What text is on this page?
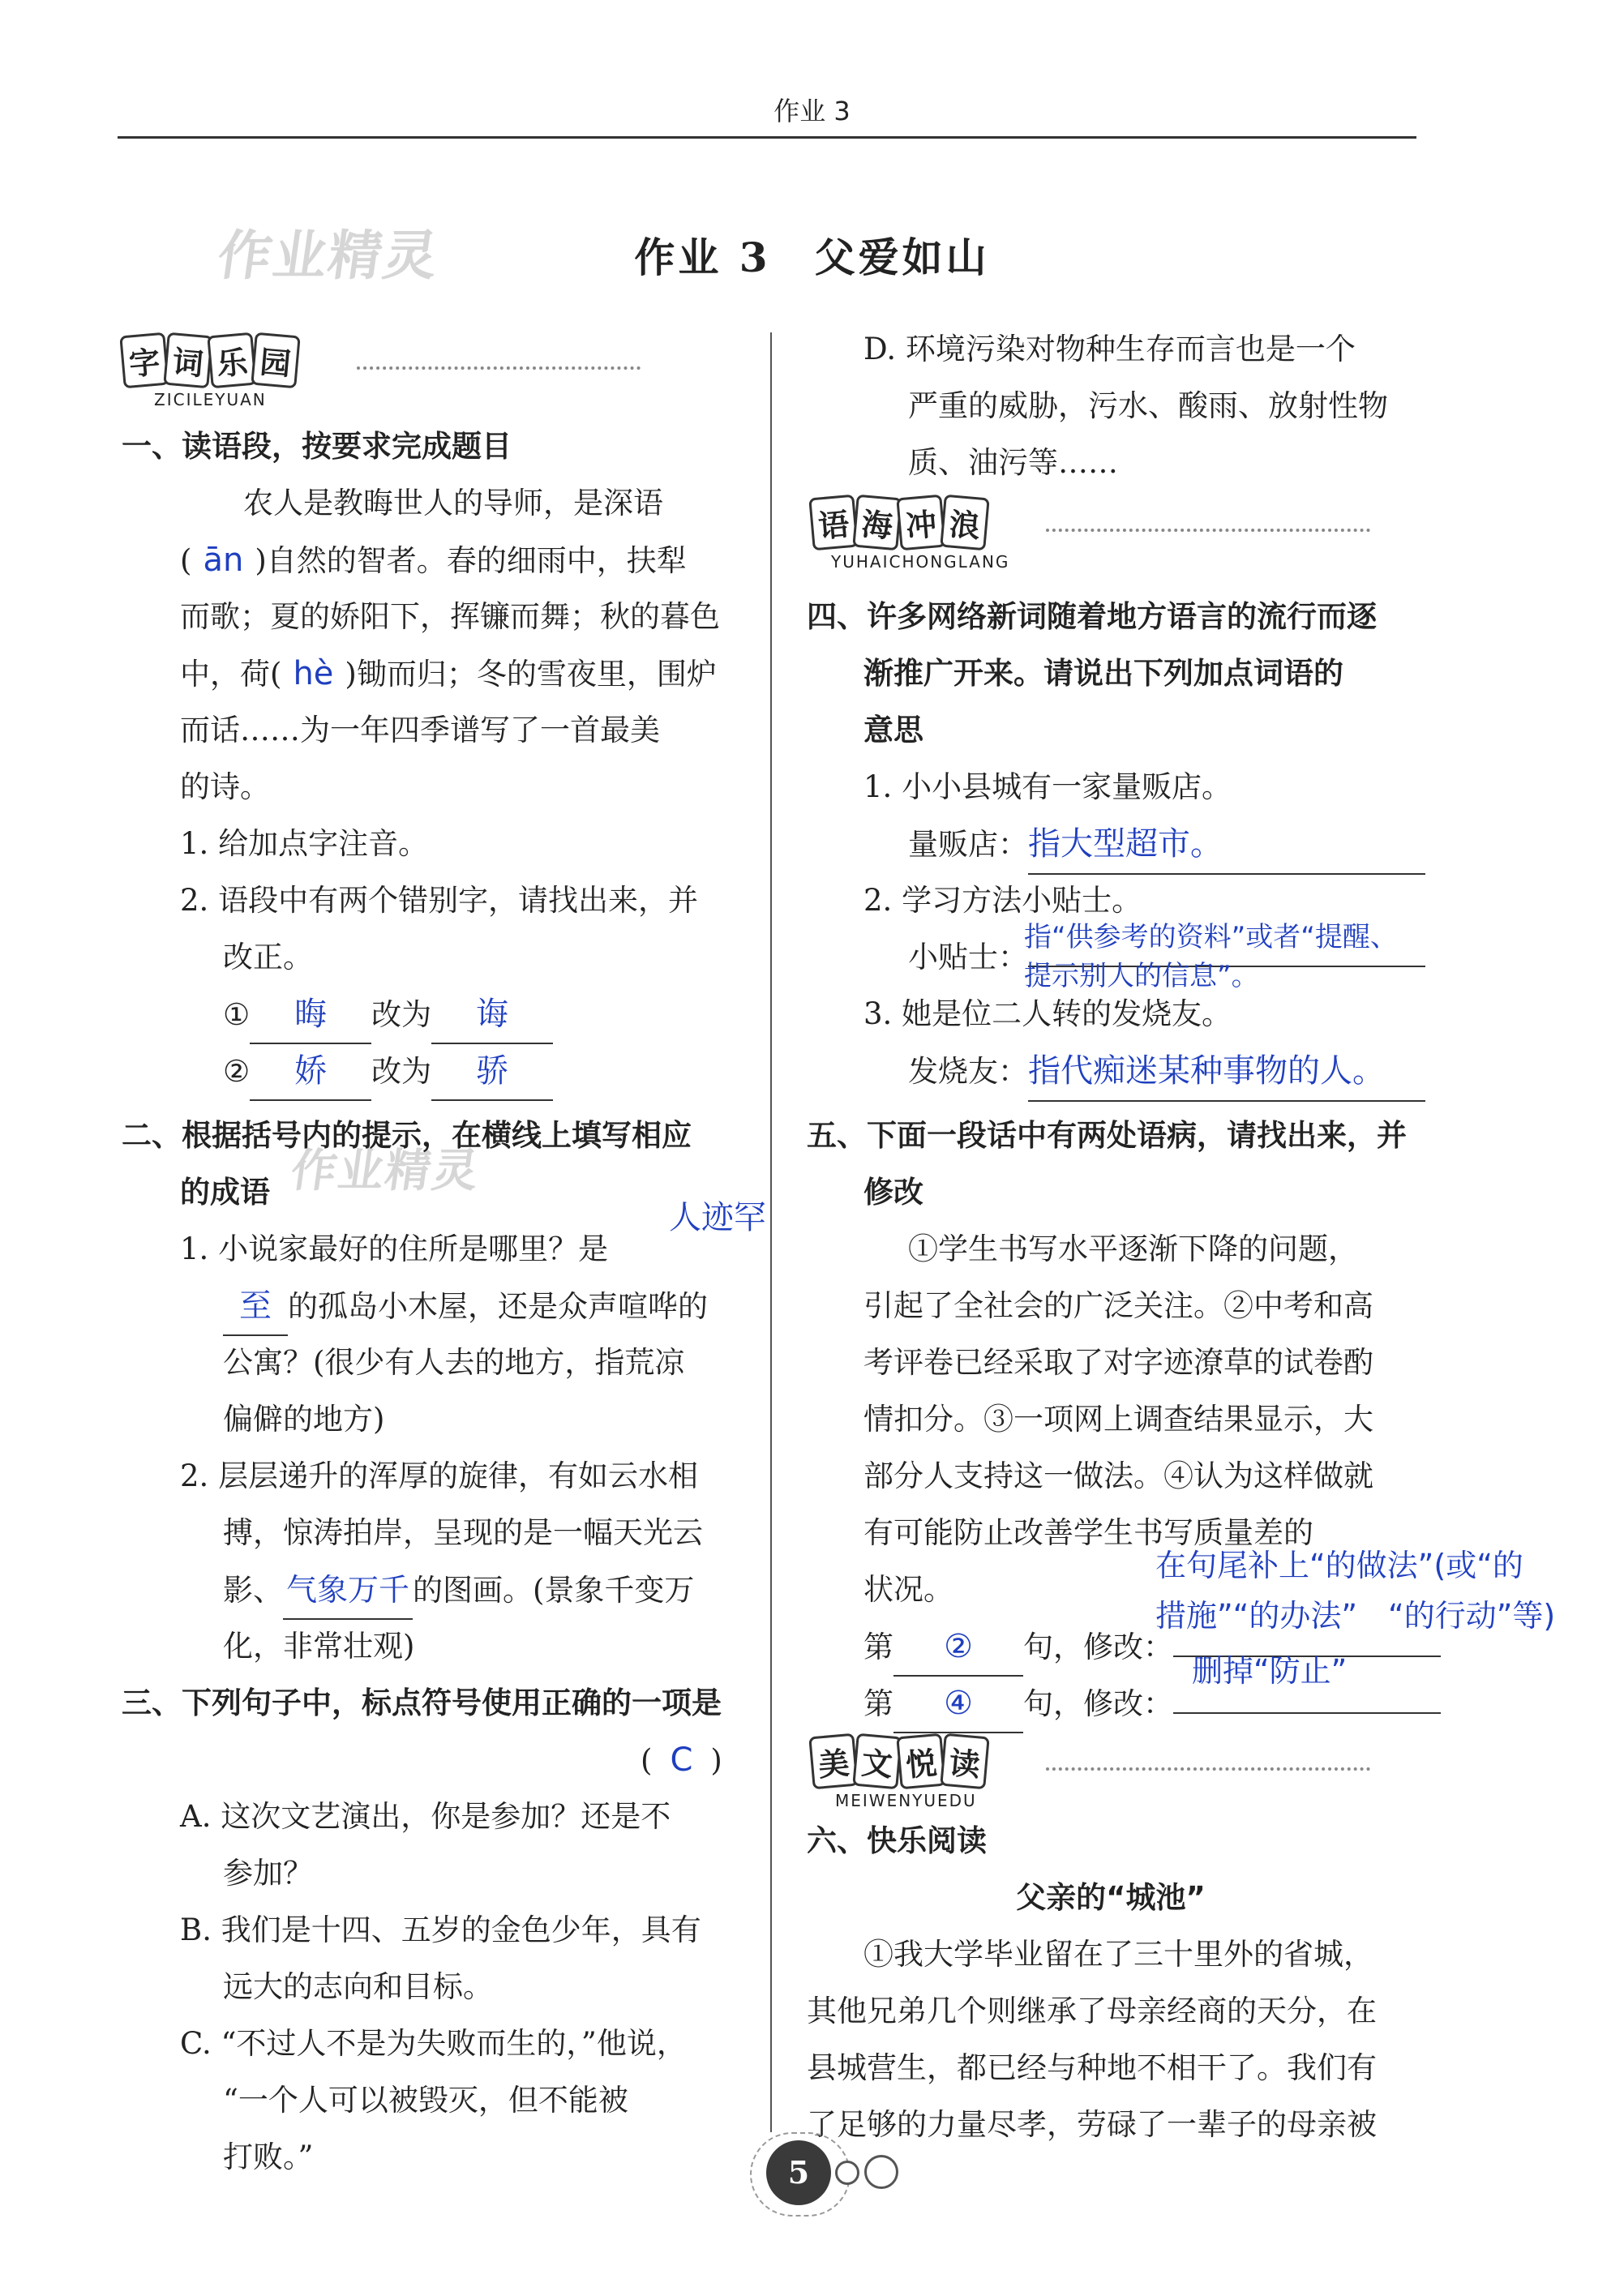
作业 3
作业精灵
作业精灵
作业 3　父爱如山
字 词 乐 园
ZICILEYUAN
一、读语段，按要求完成题目
农人是教晦世人的导师，是深语
( ān )自然的智者。春的细雨中，扶犁
而歌；夏的娇阳下，挥镰而舞；秋的暮色
中，荷( hè )锄而归；冬的雪夜里，围炉
而话……为一年四季谱写了一首最美
的诗。
1. 给加点字注音。
2. 语段中有两个错别字，请找出来，并
改正。
① 晦 改为 诲
② 娇 改为 骄
二、根据括号内的提示，在横线上填写相应
的成语
1. 小说家最好的住所是哪里？是
人迹罕
至 的孤岛小木屋，还是众声喧哗的
公寓？(很少有人去的地方，指荒凉
偏僻的地方)
2. 层层递升的浑厚的旋律，有如云水相
搏，惊涛拍岸，呈现的是一幅天光云
影、 气象万千 的图画。(景象千变万
化，非常壮观)
三、下列句子中，标点符号使用正确的一项是
( C )
A. 这次文艺演出，你是参加？还是不
参加？
B. 我们是十四、五岁的金色少年，具有
远大的志向和目标。
C. “不过人不是为失败而生的，”他说，
“一个人可以被毁灭，但不能被
打败。”
D. 环境污染对物种生存而言也是一个
严重的威胁，污水、酸雨、放射性物
质、油污等……
语 海 冲 浪
YUHAICHONGLANG
四、许多网络新词随着地方语言的流行而逐
渐推广开来。请说出下列加点词语的
意思
1. 小小县城有一家量贩店。
量贩店：指大型超市。
2. 学习方法小贴士。
小贴士：
指“供参考的资料”或者“提醒、
提示别人的信息”。
3. 她是位二人转的发烧友。
发烧友：指代痴迷某种事物的人。
五、下面一段话中有两处语病，请找出来，并
修改
①学生书写水平逐渐下降的问题，
引起了全社会的广泛关注。②中考和高
考评卷已经采取了对字迹潦草的试卷酌
情扣分。③一项网上调查结果显示，大
部分人支持这一做法。④认为这样做就
有可能防止改善学生书写质量差的
状况。
在句尾补上“的做法”(或“的
第 ② 句，修改：
措施”“的办法”　“的行动”等)
第 ④ 句，修改：
删掉“防止”
美 文 悦 读
MEIWENYUEDU
六、快乐阅读
父亲的“城池”
①我大学毕业留在了三十里外的省城，
其他兄弟几个则继承了母亲经商的天分，在
县城营生，都已经与种地不相干了。我们有
了足够的力量尽孝，劳碌了一辈子的母亲被
5
